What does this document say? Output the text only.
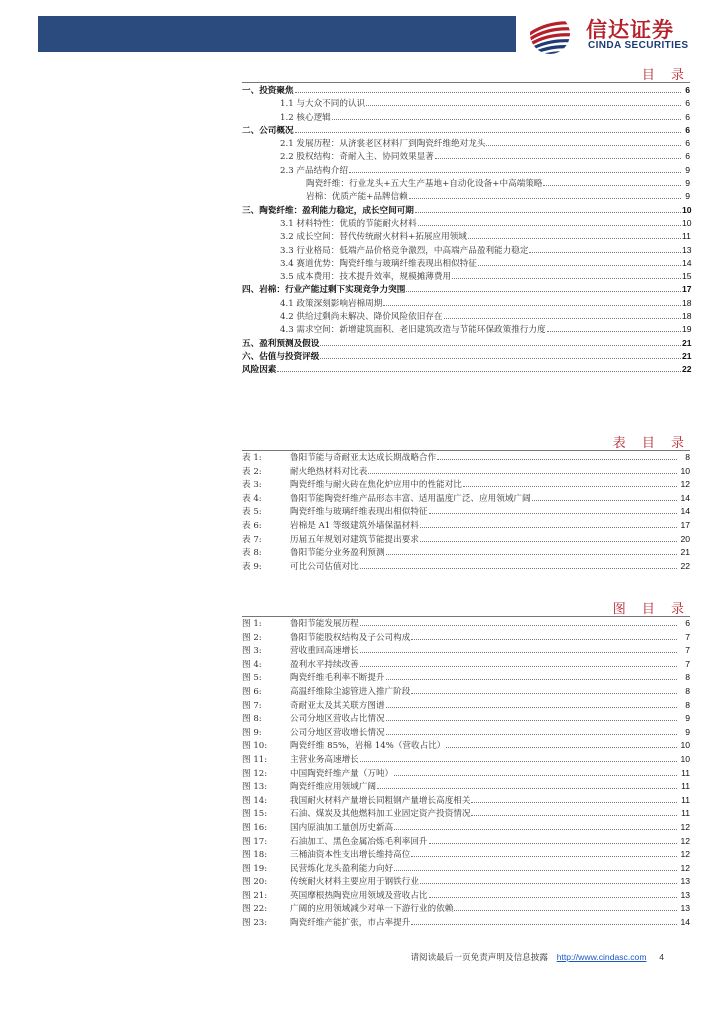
信达证券
CINDA SECURITIES
目 录
一、投资聚焦	6
1.1 与大众不同的认识	6
1.2 核心逻辑	6
二、公司概况	6
2.1 发展历程：从济裳老区材料厂到陶瓷纤维绝对龙头	6
2.2 股权结构：奇耐入主、协同效果显著	6
2.3 产品结构介绍	9
陶瓷纤维：行业龙头+五大生产基地+自动化设备+中高端策略	9
岩棉：优质产能+品牌信赖	9
三、陶瓷纤维：盈利能力稳定，成长空间可期	10
3.1 材料特性：优质的节能耐火材料	10
3.2 成长空间：替代传统耐火材料+拓展应用领域	11
3.3 行业格局：低端产品价格竞争激烈，中高端产品盈利能力稳定	13
3.4 赛道优势：陶瓷纤维与玻璃纤维表现出相似特征	14
3.5 成本费用：技术提升效率，规模摊薄费用	15
四、岩棉：行业产能过剩下实现竞争力突围	17
4.1 政策深刻影响岩棉周期	18
4.2 供给过剩尚未解决、降价风险依旧存在	18
4.3 需求空间：新增建筑面积、老旧建筑改造与节能环保政策推行力度	19
五、盈利预测及假设	21
六、估值与投资评级	21
风险因素	22
表 目 录
表 1:	鲁阳节能与奇耐亚太达成长期战略合作	8
表 2:	耐火绝热材料对比表	10
表 3:	陶瓷纤维与耐火砖在焦化炉应用中的性能对比	12
表 4:	鲁阳节能陶瓷纤维产品形态丰富、适用温度广泛、应用领域广阔	14
表 5:	陶瓷纤维与玻璃纤维表现出相似特征	14
表 6:	岩棉是 A1 等级建筑外墙保温材料	17
表 7:	历届五年规划对建筑节能提出要求	20
表 8:	鲁阳节能分业务盈利预测	21
表 9:	可比公司估值对比	22
图 目 录
图 1:	鲁阳节能发展历程	6
图 2:	鲁阳节能股权结构及子公司构成	7
图 3:	营收重回高速增长	7
图 4:	盈利水平持续改善	7
图 5:	陶瓷纤维毛利率不断提升	8
图 6:	高温纤维除尘滤管进入推广阶段	8
图 7:	奇耐亚太及其关联方图谱	8
图 8:	公司分地区营收占比情况	9
图 9:	公司分地区营收增长情况	9
图 10:	陶瓷纤维 85%，岩棉 14%（营收占比）	10
图 11:	主营业务高速增长	10
图 12:	中国陶瓷纤维产量（万吨）	11
图 13:	陶瓷纤维应用领域广阔	11
图 14:	我国耐火材料产量增长同粗钢产量增长高度相关	11
图 15:	石油、煤炭及其他燃料加工业固定资产投资情况	11
图 16:	国内原油加工量创历史新高	12
图 17:	石油加工、黑色金属冶炼毛利率回升	12
图 18:	三桶油资本性支出增长维持高位	12
图 19:	民营炼化龙头盈利能力向好	12
图 20:	传统耐火材料主要应用于钢铁行业	13
图 21:	英国摩根热陶瓷应用领域及营收占比	13
图 22:	广阔的应用领域减少对单一下游行业的依赖	13
图 23:	陶瓷纤维产能扩张，市占率提升	14
请阅读最后一页免责声明及信息披露 http://www.cindasc.com 4
